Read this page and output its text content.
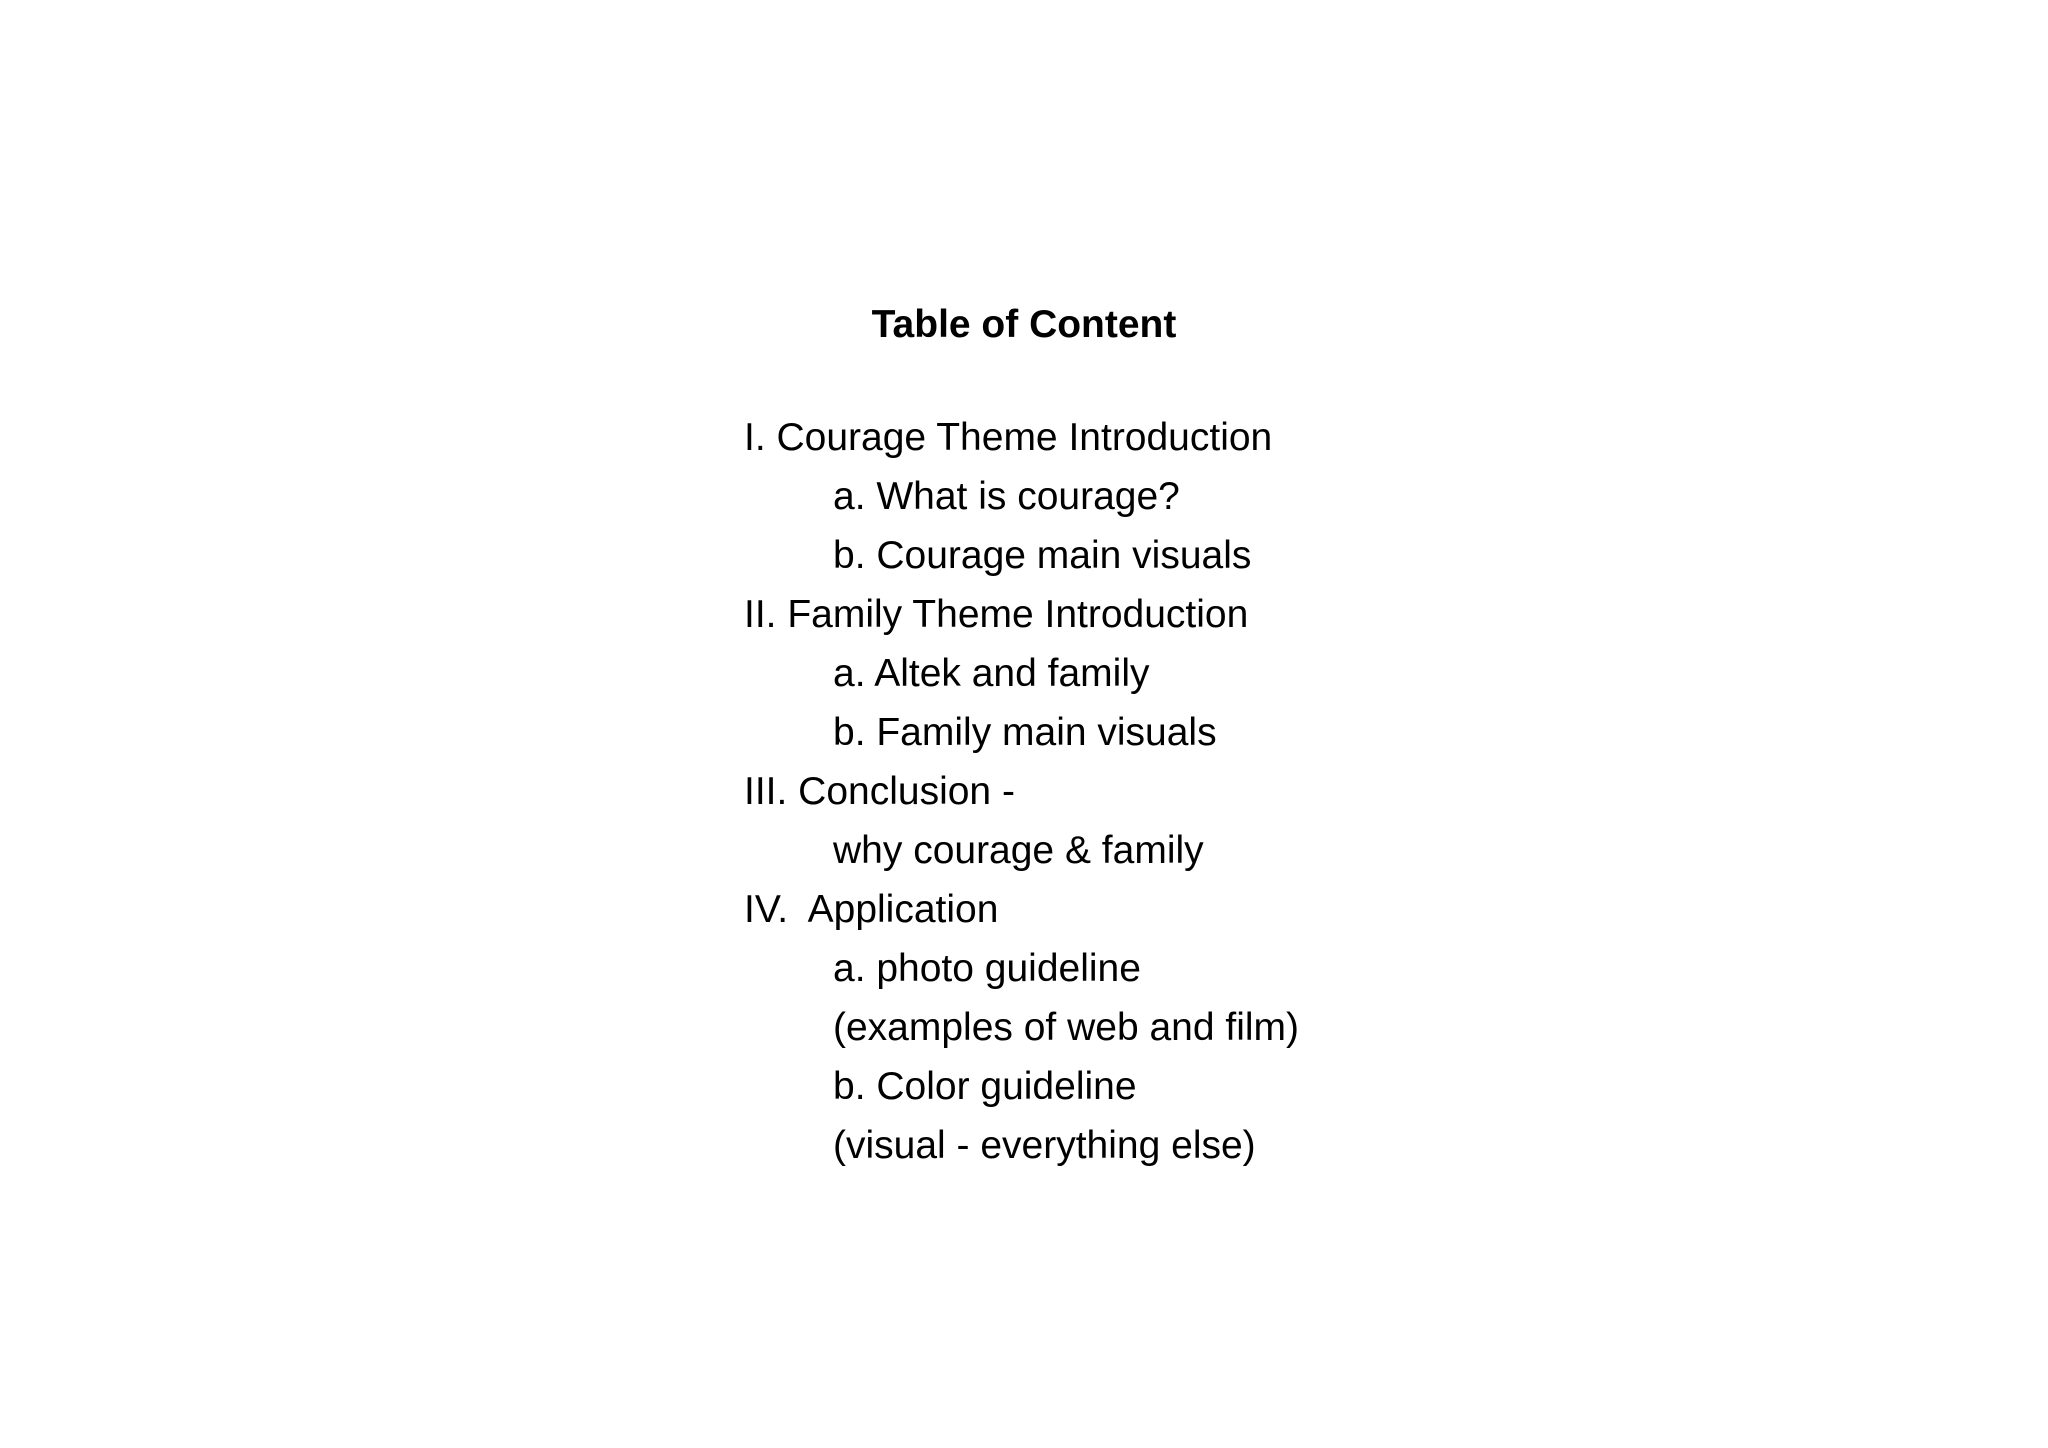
Table of Content
I. Courage Theme Introduction
a. What is courage?
b. Courage main visuals
II. Family Theme Introduction
a. Altek and family
b. Family main visuals
III. Conclusion -
why courage & family
IV.  Application
a. photo guideline
(examples of web and film)
b. Color guideline
(visual - everything else)
